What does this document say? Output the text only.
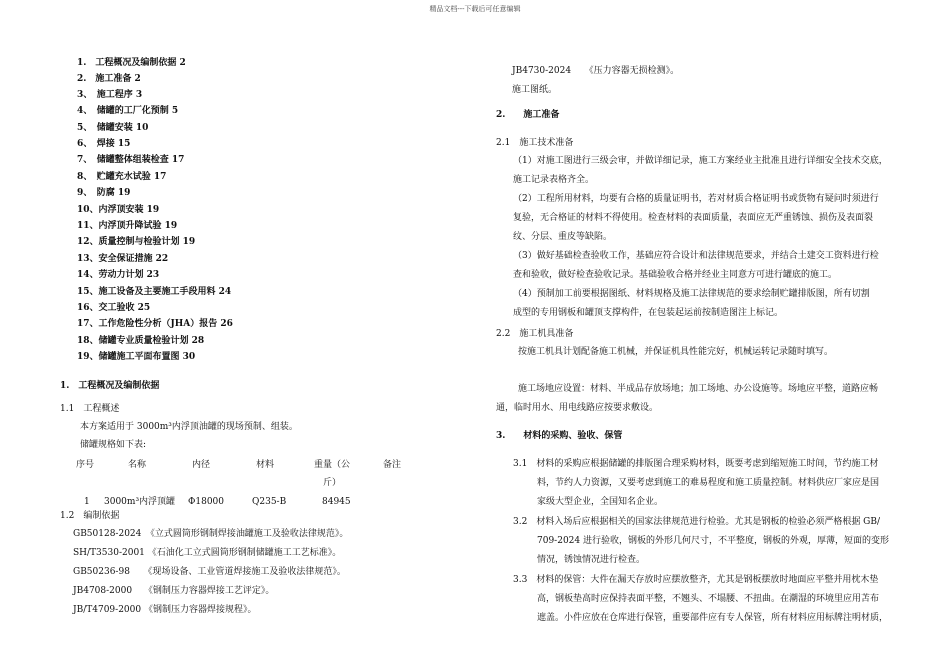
精品文档---下载后可任意编辑
1.　工程概况及编制依据 2
2.　施工准备 2
3、　施工程序 3
4、　储罐的工厂化预制 5
5、　储罐安装 10
6、　焊接 15
7、　储罐整体组装检查 17
8、　贮罐充水试验 17
9、　防腐 19
10、内浮顶安装 19
11、内浮顶升降试验 19
12、质量控制与检验计划 19
13、安全保证措施 22
14、劳动力计划 23
15、施工设备及主要施工手段用料 24
16、交工验收 25
17、工作危险性分析（JHA）报告 26
18、储罐专业质量检验计划 28
19、储罐施工平面布置图 30
1.　工程概况及编制依据
1.1　工程概述
本方案适用于 3000m³内浮顶油罐的现场预制、组装。
储罐规格如下表:
序号	名称	内径	材料	重量（公	备注
斤）
1 3000m³内浮顶罐 Φ18000	Q235-B	84945
1.2　编制依据
GB50128-2024　《立式圆筒形钢制焊接油罐施工及验收法律规范》。
SH/T3530-2001 《石油化工立式圆筒形钢制储罐施工工艺标准》。
GB50236-98　　《现场设备、工业管道焊接施工及验收法律规范》。
JB4708-2000　 《钢制压力容器焊接工艺评定》。
JB/T4709-2000 《钢制压力容器焊接规程》。
JB4730-2024　　《压力容器无损检测》。
施工图纸。
2.　　施工准备
2.1　施工技术准备
（1）对施工图进行三级会审，并做详细记录，施工方案经业主批准且进行详细安全技术交底，
施工记录表格齐全。
（2）工程所用材料，均要有合格的质量证明书，若对材质合格证明书或货物有疑问时须进行
复验，无合格证的材料不得使用。检查材料的表面质量，表面应无严重锈蚀、损伤及表面裂
纹、分层、重皮等缺陷。
（3）做好基础检查验收工作，基础应符合设计和法律规范要求，并结合土建交工资料进行检
查和验收，做好检查验收记录。基础验收合格并经业主同意方可进行罐底的施工。
（4）预制加工前要根据图纸、材料规格及施工法律规范的要求绘制贮罐排版图，所有切割
成型的专用钢板和罐顶支撑构件，在包装起运前按制造图注上标记。
2.2　施工机具准备
按施工机具计划配备施工机械，并保证机具性能完好，机械运转记录随时填写。
施工场地应设置：材料、半成品存放场地；加工场地、办公设施等。场地应平整，道路应畅
通，临时用水、用电线路应按要求敷设。
3.　　材料的采购、验收、保管
3.1　材料的采购应根据储罐的排版图合理采购材料，既要考虑到缩短施工时间，节约施工材
料，节约人力资源，又要考虑到施工的难易程度和施工质量控制。材料供应厂家应是国
家级大型企业，全国知名企业。
3.2　材料入场后应根据相关的国家法律规范进行检验。尤其是钢板的检验必须严格根据 GB/
709-2024 进行验收，钢板的外形几何尺寸，不平整度，钢板的外观，厚薄，短面的变形
情况，锈蚀情况进行检查。
3.3　材料的保管：大件在漏天存放时应摆放整齐，尤其是钢板摆放时地面应平整并用枕木垫
高，钢板垫高时应保持表面平整，不翘头、不塌腰、不扭曲。在潮湿的环境里应用苫布
遮盖。小件应放在仓库进行保管，重要部件应有专人保管，所有材料应用标牌注明材质，
